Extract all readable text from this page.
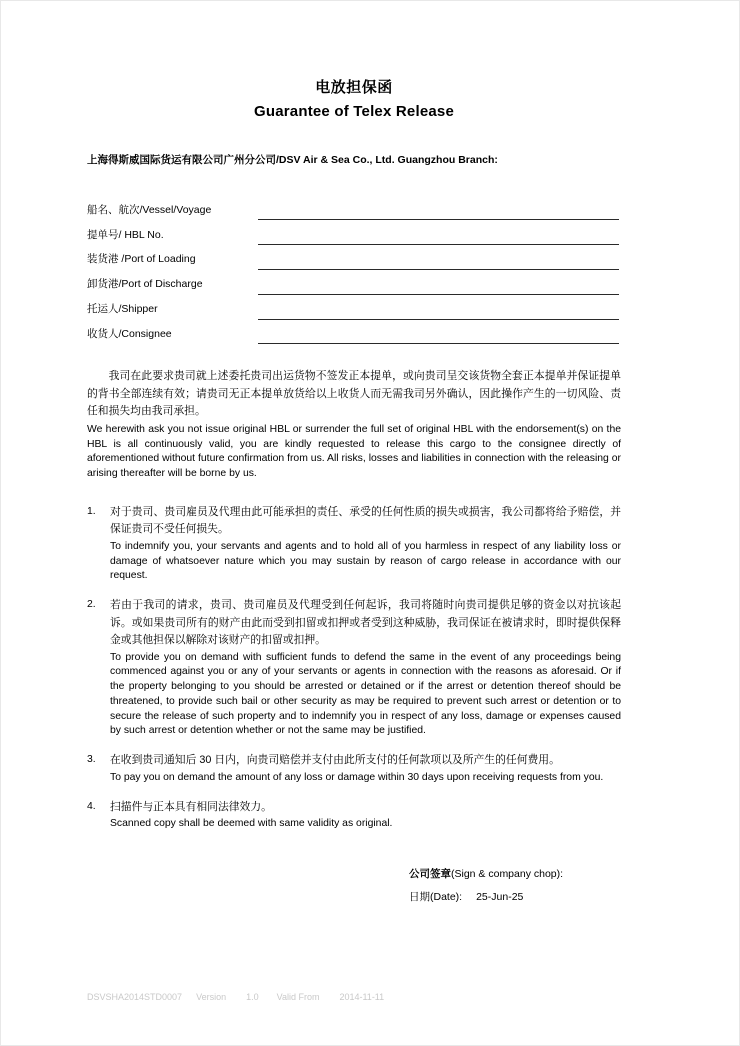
电放担保函
Guarantee of Telex Release
上海得斯威国际货运有限公司广州分公司/DSV Air & Sea Co., Ltd. Guangzhou Branch:
船名、航次/Vessel/Voyage
提单号/ HBL No.
装货港 /Port of Loading
卸货港/Port of Discharge
托运人/Shipper
收货人/Consignee

我司在此要求贵司就上述委托贵司出运货物不签发正本提单，或向贵司呈交该货物全套正本提单并保证提单的背书全部连续有效；请贵司无正本提单放货给以上收货人而无需我司另外确认，因此操作产生的一切风险、责任和损失均由我司承担。

We herewith ask you not issue original HBL or surrender the full set of original HBL with the endorsement(s) on the HBL is all continuously valid, you are kindly requested to release this cargo to the consignee directly of aforementioned without future confirmation from us. All risks, losses and liabilities in connection with the releasing or arising thereafter will be borne by us.

1. 对于贵司、贵司雇员及代理由此可能承担的责任、承受的任何性质的损失或损害，我公司都将给予赔偿，并保证贵司不受任何损失。

To indemnify you, your servants and agents and to hold all of you harmless in respect of any liability loss or damage of whatsoever nature which you may sustain by reason of cargo release in accordance with our request.

2. 若由于我司的请求，贵司、贵司雇员及代理受到任何起诉，我司将随时向贵司提供足够的资金以对抗该起诉。或如果贵司所有的财产由此而受到扣留或扣押或者受到这种威胁，我司保证在被请求时，即时提供保释金或其他担保以解除对该财产的扣留或扣押。

To provide you on demand with sufficient funds to defend the same in the event of any proceedings being commenced against you or any of your servants or agents in connection with the reasons as aforesaid. Or if the property belonging to you should be arrested or detained or if the arrest or detention thereof should be threatened, to provide such bail or other security as may be required to prevent such arrest or detention or to secure the release of such property and to indemnify you in respect of any loss, damage or expenses caused by such arrest or detention whether or not the same may be justified.

3. 在收到贵司通知后 30 日内，向贵司赔偿并支付由此所支付的任何款项以及所产生的任何费用。

To pay you on demand the amount of any loss or damage within 30 days upon receiving requests from you.

4. 扫描件与正本具有相同法律效力。

Scanned copy shall be deemed with same validity as original.

公司签章(Sign & company chop):
日期(Date): 25-Jun-25
DSVSHA2014STD0007 Version 1.0 Valid From 2014-11-11
